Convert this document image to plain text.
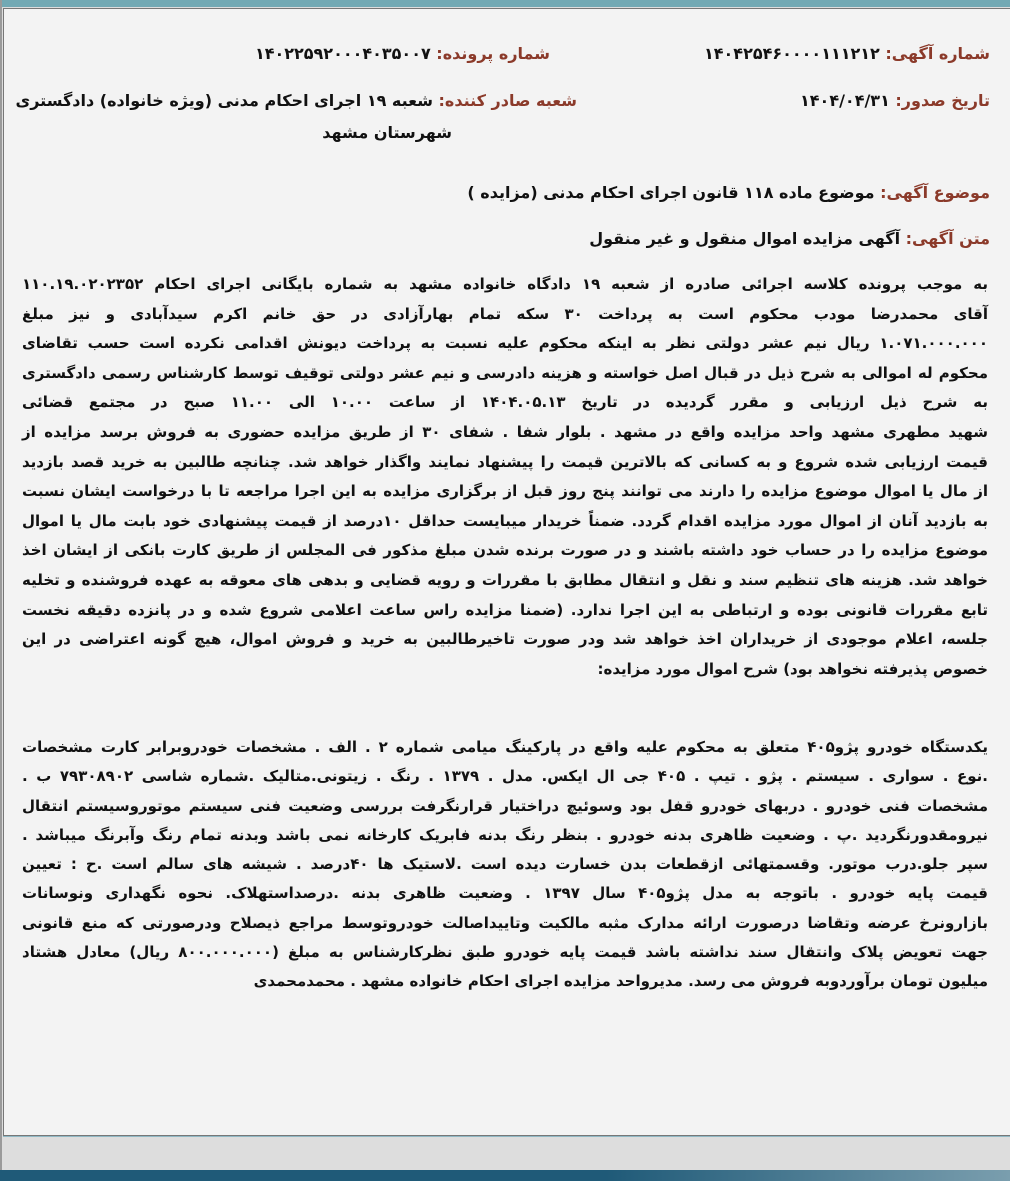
شماره آگهی: ۱۴۰۴۲۵۴۶۰۰۰۰۱۱۱۲۱۲
شماره پرونده: ۱۴۰۲۲۵۹۲۰۰۰۴۰۳۵۰۰۷
تاریخ صدور: ۱۴۰۴/۰۴/۳۱
شعبه صادر کننده: شعبه ۱۹ اجرای احکام مدنی (ویژه خانواده) دادگستری
شهرستان مشهد
موضوع آگهی: موضوع ماده ۱۱۸ قانون اجرای احکام مدنی (مزایده )
متن آگهی: آگهی مزایده اموال منقول و غیر منقول
به موجب پرونده کلاسه اجرائی صادره از شعبه ۱۹ دادگاه خانواده مشهد به شماره بایگانی اجرای احکام ۱۱۰.۱۹.۰۲۰۲۳۵۲
آقای محمدرضا مودب محکوم است به پرداخت ۳۰ سکه تمام بهارآزادی در حق خانم اکرم سیدآبادی و نیز مبلغ
۱.۰۷۱.۰۰۰.۰۰۰ ریال نیم عشر دولتی نظر به اینکه محکوم علیه نسبت به پرداخت دیونش اقدامی نکرده است حسب تقاضای
محکوم له اموالی به شرح ذیل در قبال اصل خواسته و هزینه دادرسی و نیم عشر دولتی توقیف توسط کارشناس رسمی دادگستری
به شرح ذیل ارزیابی و مقرر گردیده در تاریخ ۱۴۰۴.۰۵.۱۳ از ساعت ۱۰.۰۰ الی ۱۱.۰۰ صبح در مجتمع قضائی
شهید مطهری مشهد واحد مزایده واقع در مشهد . بلوار شفا . شفای ۳۰ از طریق مزایده حضوری به فروش برسد مزایده از
قیمت ارزیابی شده شروع و به کسانی که بالاترین قیمت را پیشنهاد نمایند واگذار خواهد شد. چنانچه طالبین به خرید قصد بازدید
از مال یا اموال موضوع مزایده را دارند می توانند پنج روز قبل از برگزاری مزایده به این اجرا مراجعه تا با درخواست ایشان نسبت
به بازدید آنان از اموال مورد مزایده اقدام گردد. ضمناً خریدار میبایست حداقل ۱۰درصد از قیمت پیشنهادی خود بابت مال یا اموال
موضوع مزایده را در حساب خود داشته باشند و در صورت برنده شدن مبلغ مذکور فی المجلس از طریق کارت بانکی از ایشان اخذ
خواهد شد. هزینه های تنظیم سند و نقل و انتقال مطابق با مقررات و رویه قضایی و بدهی های معوقه به عهده فروشنده و تخلیه
تابع مقررات قانونی بوده و ارتباطی به این اجرا ندارد. (ضمنا مزایده راس ساعت اعلامی شروع شده و در پانزده دقیقه نخست
جلسه، اعلام موجودی از خریداران اخذ خواهد شد ودر صورت تاخیرطالبین به خرید و فروش اموال، هیچ گونه اعتراضی در این
خصوص پذیرفته نخواهد بود) شرح اموال مورد مزایده:
یکدستگاه خودرو پژو۴۰۵ متعلق به محکوم علیه واقع در پارکینگ میامی شماره ۲ . الف . مشخصات خودروبرابر کارت مشخصات
.نوع . سواری . سیستم . پژو . تیپ . ۴۰۵ جی ال ایکس. مدل . ۱۳۷۹ . رنگ . زیتونی.متالیک .شماره شاسی ۷۹۳۰۸۹۰۲ ب .
مشخصات فنی خودرو . دربهای خودرو قفل بود وسوئیچ دراختیار قرارنگرفت بررسی وضعیت فنی سیستم موتوروسیستم انتقال
نیرومقدورنگردید .پ . وضعیت ظاهری بدنه خودرو . بنظر رنگ بدنه فابریک کارخانه نمی باشد وبدنه تمام رنگ وآبرنگ میباشد .
سپر جلو.درب موتور. وقسمتهائی ازقطعات بدن خسارت دیده است .لاستیک ها ۴۰درصد . شیشه های سالم است .ح : تعیین
قیمت پایه خودرو . باتوجه به مدل پژو۴۰۵ سال ۱۳۹۷ . وضعیت ظاهری بدنه .درصداستهلاک. نحوه نگهداری ونوسانات
بازارونرخ عرضه وتقاضا درصورت ارائه مدارک مثبه مالکیت وتاییداصالت خودروتوسط مراجع ذیصلاح ودرصورتی که منع قانونی
جهت تعویض پلاک وانتقال سند نداشته باشد قیمت پایه خودرو طبق نظرکارشناس به مبلغ (۸۰۰.۰۰۰.۰۰۰ ریال) معادل هشتاد
میلیون تومان برآوردوبه فروش می رسد. مدیرواحد مزایده اجرای احکام خانواده مشهد . محمدمحمدی
